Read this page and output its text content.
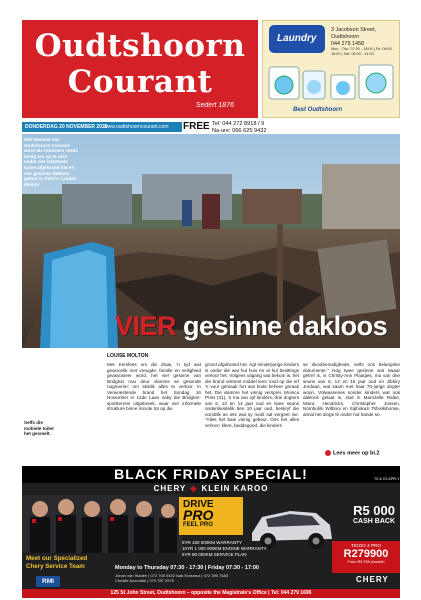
Oudtshoorn
Courant
Sedert 1876
Laundry
3 Jacobson Street, Oudtshoorn
044 279 1458
Mon - Thu: 07:30 - 18:00 | Fri: 08:00 - 18:00 | Sat: 08:00 - 14:00
Best Oudtshoorn
DONDERDAG 20 NOVEMBER 2025
www.oudtshoorncourant.com FREE Tel: 044 272 8918 / 9
Na-ure: 066 625 9432
Met Neswoë van Oudtshoorn Courant word die inwoners reeds beeig om op te ruim nadat vier informele huise afgebrand het en vier gesinne dakloos gelaat is. Foto's: Louise Moiton
VIER gesinne dakloos
LOUISE MOLTON

Met Kersfees om die draai, 'n tyd wat gewoonlik met vreugde, familie en veiligheid geassosieer word, het vier gesinne van Bridgton nou deur vlamme se gesonde nagmerrie: om skielik alles te verloor. In Verwoestende brand het Sondag 16 November in 12de Laan naby die Bridgton-sportterrein uitgebreek, waar vier informele strukture binne minute tot op die

grond afgebrand het. Agt minderjarige kinders is onder dié wat hul huis en al hul besittings verloor het. Volgens uitgang wat bekom is, het die brand omtrent middel teen rond op die erf 'n vuur gemaak het wat buite beheer geraak het. Die vlamme het vinnig versprei. Monica Prins (31), 'n ma van vyf kinders, drie dogters van 6, 12 en 14 jaar oud en twee seuns onderskeidelik 5en 10 jaar oud, beskryf die oomblik as iets wat sy nooit sal vergeet nie. "Alles het baie vinnig gebeur. Ons het alles verloor; klere, beddegoed, die kinders

se skoolbenodighede, selfs ons belangrike dokumente." Nog twee gesinne wat swaar getref is, is Christy-Ann Plaatjies, ma van drie seuns van 6, 13 en 16 jaar oud en Jibbiry Jordaan, wat saam met haar 70-jarige dogter woon. Volwassenes sonder kinders wat ook dakloos gelaat is, sluit in Marozelle Rabie, Moira Hendricks, Christopher Jonsen, Nombulilo Witbooi en Siphokazi Tshisikibonse, almal het dinge lê onder hul hande se.

Selfs die mobiele toilet het gesmelt.
Lees meer op bl.2
BLACK FRIDAY SPECIAL!	TS & CS APPLY
CHERY ◆ KLEIN KAROO
DRIVE
PRO
FEEL PRO
R5 000
CASH BACK
TIGGO 4 PRO
R279900
From R3 299 p/month
Meet our Specialized
Chery Service Team
5YR 150 000KM WARRANTY
10YR 1 000 000KM ENGINE WARRANTY
5YR 60 000KM SERVICE PLAN
RMI
Monday to Thursday 07:30 - 17:30 | Friday 07:30 - 17:00
Johan van Staden | 072 765 9102 Isak Erasmus | 072 395 7683
Christle Avondale | 079 787 2975	CHERY
125 St John Street, Oudtshoorn – opposite the Magistrate's Office | Tel: 044 279 1696
